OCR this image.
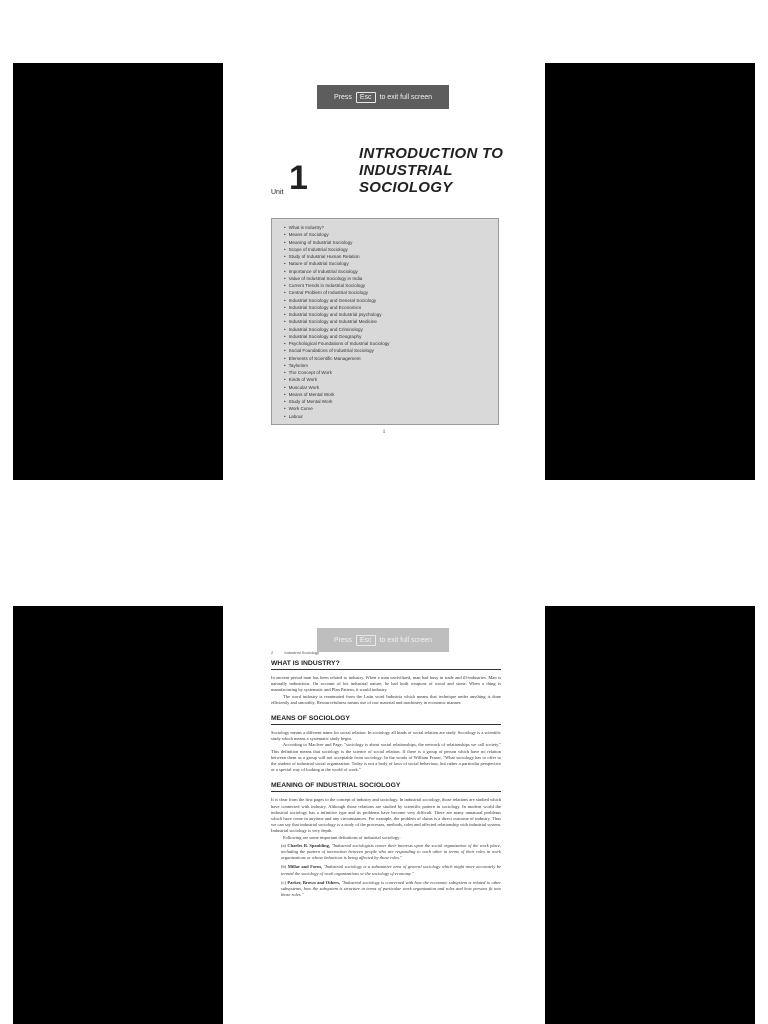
Press	Esc	to exit full screen
Unit 1
INTRODUCTION TO
INDUSTRIAL
SOCIOLOGY
• What is Industry?
• Means of Sociology
• Meaning of Industrial Sociology
• Scope of Industrial Sociology
• Study of Industrial Human Relation
• Nature of Industrial Sociology
• Importance of Industrial Sociology
• Value of Industrial Sociology in India
• Current Trends in Industrial Sociology
• Central Problem of Industrial Sociology
• Industrial Sociology and General Sociology
• Industrial Sociology and Economics
• Industrial Sociology and Industrial psychology
• Industrial Sociology and Industrial Medicine
• Industrial Sociology and Criminology
• Industrial Sociology and Geography
• Psychological Foundations of Industrial Sociology
• Social Foundations of Industrial Sociology
• Elements of Scientific Management
• Taylorism
• The Concept of Work
• Kinds of Work
• Muscular Work
• Means of Mental Work
• Study of Mental Work
• Work Curve
• Labour
1
2	Industrial Sociology
WHAT IS INDUSTRY?

In ancient period man has been related to industry. When a man uncivilized, man had busy in trade and ill-industries. Man is naturally industrious. On account of his industrial nature, he had built weapons of wood and stone. When a thing is manufacturing by systematic and Plan Pattern, it would industry.

The word industry is reanimated from the Latin word Industria which means that technique under anything is done efficiently and smoothly. Resourcefulness means use of raw material and machinery in economic manner.

MEANS OF SOCIOLOGY

Sociology means a different name for social relation. In sociology all kinds of social relation are study. Sociology is a scientific study which means a systematic study begin.

According to MacIver and Page, "sociology is about social relationships, the network of relationships we call society." This definition means that sociology is the science of social relation. If there is a group of person which have no relation between them as a group will not acceptable from sociology. In the words of William Fraser, "What sociology has to offer to the student of industrial social organization. Today is not a body of laws of social behaviour, but rather a particular perspective or a special way of looking at the world of work."

MEANING OF INDUSTRIAL SOCIOLOGY

It is clear from the first pages to the concept of industry and sociology. In industrial sociology, those relations are studied which have connected with industry. Although those relations are studied by scientific pattern in sociology. In modern world the industrial sociology has a infinitive type and its problems have become very difficult. There are many unnatural problems which have come in anytime and any circumstances. For example, the problem of slums is a direct outcome of industry. Thus we can say that industrial sociology is a study of the processes, methods, roles and affected relationship with industrial system. Industrial sociology is very depth.

Following are some important definitions of industrial sociology:

(a) Charles B. Spaulding, "Industrial sociologists center their interests upon the social organization of the work place, including the pattern of interaction between people who are responding to each other in terms of their roles in work organizations or whose behaviour is being affected by those roles."
(b) Millar and Form, "Industrial sociology is a substantive area of general sociology which might more accurately be termed the sociology of work organizations or the sociology of economy."
(c) Parker, Brown and Others, "Industrial sociology is concerned with how the economic subsystem is related to other subsystems, how the subsystem is structure in terms of particular work organization and roles and how persons fit into those roles."
Press	Esc	to exit full screen
